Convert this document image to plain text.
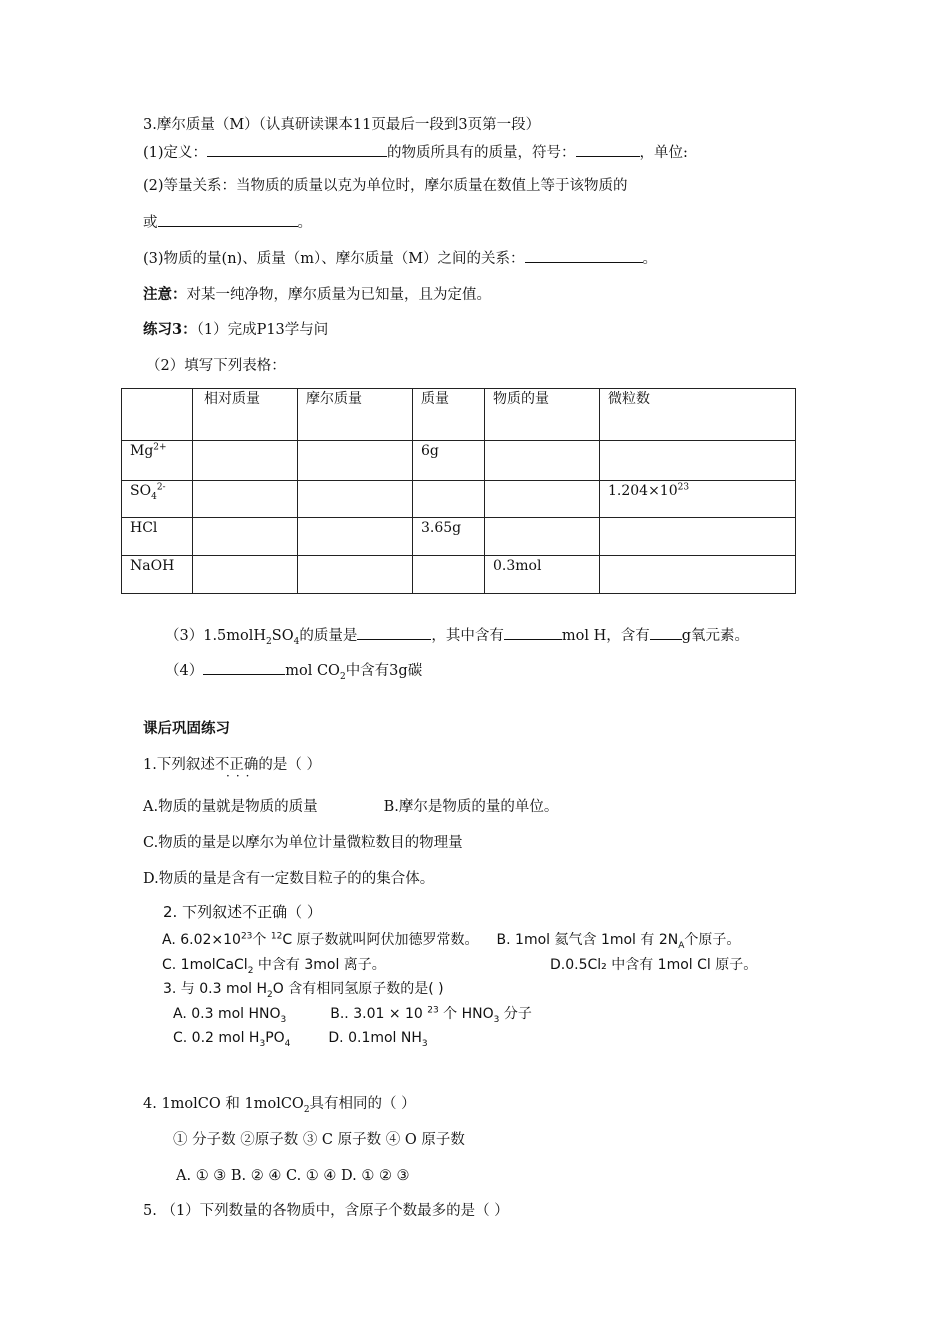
3.摩尔质量（M）（认真研读课本11页最后一段到3页第一段）
(1)定义：	的物质所具有的质量，符号：	，单位:
(2)等量关系：当物质的质量以克为单位时，摩尔质量在数值上等于该物质的
或	。
(3)物质的量(n)、质量（m）、摩尔质量（M）之间的关系：	。
注意：对某一纯净物，摩尔质量为已知量，且为定值。
练习3：（1）完成P13学与问
（2）填写下列表格：
	相对质量	摩尔质量	质量	物质的量	微粒数
$Mg^{2+}$			6g		
$SO_4^{2-}$					$1.204\times 10^{23}$
HCl			3.65g		
NaOH				0.3mol	
$(3)1.5molH_2SO_4$的质量是	，其中含有	mol H，含有 g氧元素。
（4）	mol $CO_2$中含有3g碳
课后巩固练习
1.下列叙述不正确的是（ ）
···
A.物质的量就是物质的质量	B.摩尔是物质的量的单位。
C.物质的量是以摩尔为单位计量微粒数目的物理量
D.物质的量是含有一定数目粒子的的集合体。
2. 下列叙述不正确（ ）
A. $6.02\times 10^{23}$个 $^{12}$C 原子数就叫阿伏加德罗常数。 B. 1mol 氦气含 1mol 有 $2N_A$个原子。
C. 1molCaCl$_2$ 中含有 3mol 离子。	D.0.5Cl₂ 中含有 1mol Cl 原子。
3. 与 0.3 mol $H_2O$ 含有相同氢原子数的是( )
A. 0.3 mol $HNO_3$	B.. 3.01 × 10 $^{23}$ 个 $HNO_3$ 分子
C. 0.2 mol $H_3PO_4$	D. 0.1mol $NH_3$
4. 1molCO 和 1molCO$_2$具有相同的（ ）
① 分子数 ②原子数 ③ C 原子数 ④ O 原子数
A. ① ③ B. ② ④ C. ① ④ D. ① ② ③
5. （1）下列数量的各物质中，含原子个数最多的是（ ）
